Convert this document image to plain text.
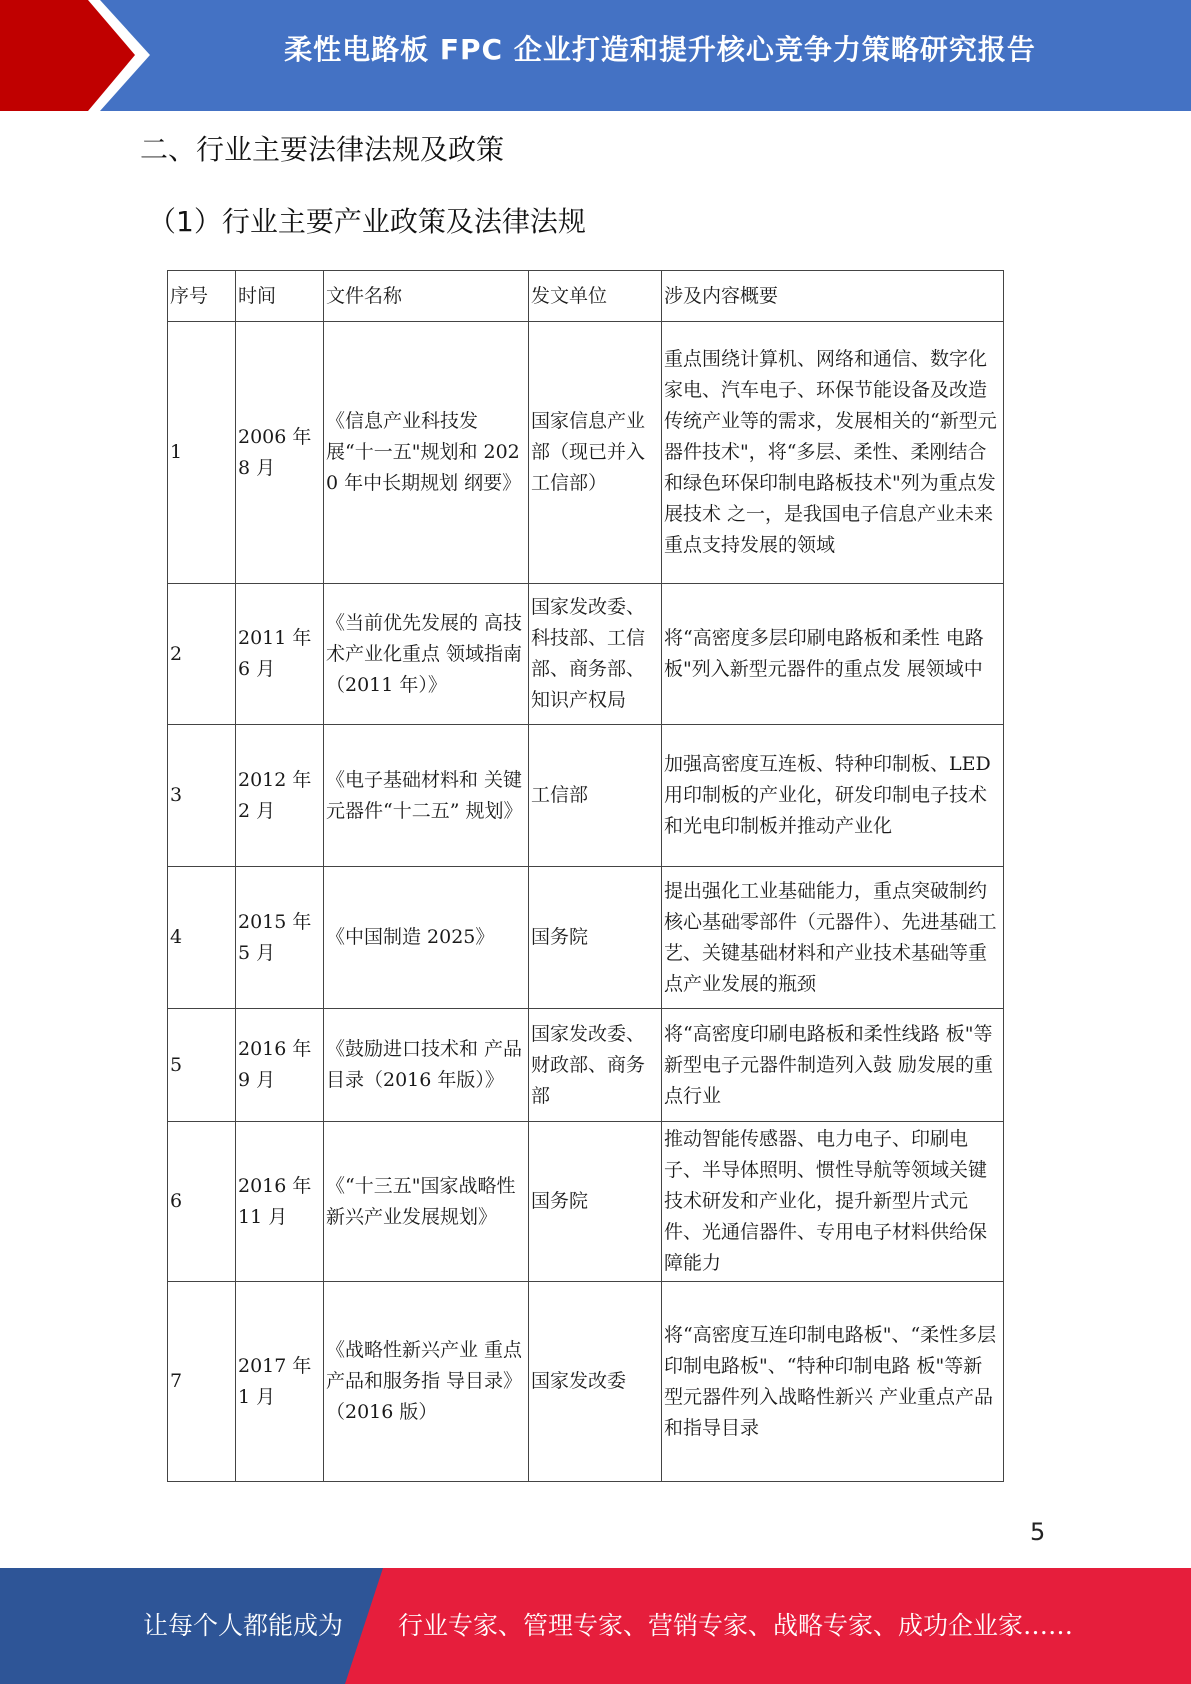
柔性电路板 FPC 企业打造和提升核心竞争力策略研究报告
二、行业主要法律法规及政策
（1）行业主要产业政策及法律法规
序号	时间	文件名称	发文单位	涉及内容概要
1	2006 年 8 月	《信息产业科技发 展“十一五"规划和 2020 年中长期规划 纲要》	国家信息产业部（现已并入工信部）	重点围绕计算机、网络和通信、数字化家电、汽车电子、环保节能设备及改造传统产业等的需求，发展相关的“新型元器件技术"，将“多层、柔性、柔刚结合和绿色环保印制电路板技术"列为重点发展技术 之一，是我国电子信息产业未来重点支持发展的领域
2	2011 年 6 月	《当前优先发展的 高技术产业化重点 领域指南（2011 年）》	国家发改委、科技部、工信部、商务部、知识产权局	将“高密度多层印刷电路板和柔性 电路板"列入新型元器件的重点发 展领域中
3	2012 年 2 月	《电子基础材料和 关键元器件“十二五” 规划》	工信部	加强高密度互连板、特种印制板、LED 用印制板的产业化，研发印制电子技术和光电印制板并推动产业化
4	2015 年 5 月	《中国制造 2025》	国务院	提出强化工业基础能力，重点突破制约核心基础零部件（元器件）、先进基础工艺、关键基础材料和产业技术基础等重点产业发展的瓶颈
5	2016 年 9 月	《鼓励进口技术和 产品目录（2016 年版）》	国家发改委、财政部、商务部	将“高密度印刷电路板和柔性线路 板"等新型电子元器件制造列入鼓 励发展的重点行业
6	2016 年 11 月	《“十三五"国家战略性新兴产业发展规划》	国务院	推动智能传感器、电力电子、印刷电子、半导体照明、惯性导航等领域关键技术研发和产业化，提升新型片式元件、光通信器件、专用电子材料供给保障能力
7	2017 年 1 月	《战略性新兴产业 重点产品和服务指 导目录》（2016 版）	国家发改委	将“高密度互连印制电路板"、“柔性多层印制电路板"、“特种印制电路 板"等新型元器件列入战略性新兴 产业重点产品和指导目录
5
让每个人都能成为 行业专家、管理专家、营销专家、战略专家、成功企业家……
